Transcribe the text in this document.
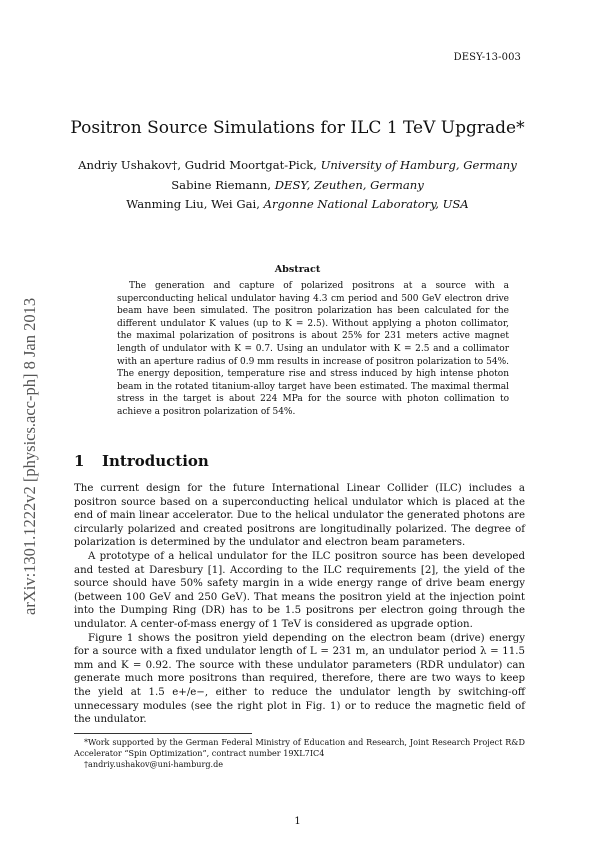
DESY-13-003
arXiv:1301.1222v2 [physics.acc-ph] 8 Jan 2013
Positron Source Simulations for ILC 1 TeV Upgrade*
Andriy Ushakov†, Gudrid Moortgat-Pick, University of Hamburg, Germany
Sabine Riemann, DESY, Zeuthen, Germany
Wanming Liu, Wei Gai, Argonne National Laboratory, USA
Abstract

The generation and capture of polarized positrons at a source with a superconducting helical undulator having 4.3 cm period and 500 GeV electron drive beam have been simulated. The positron polarization has been calculated for the different undulator K values (up to K = 2.5). Without applying a photon collimator, the maximal polarization of positrons is about 25% for 231 meters active magnet length of undulator with K = 0.7. Using an undulator with K = 2.5 and a collimator with an aperture radius of 0.9 mm results in increase of positron polarization to 54%. The energy deposition, temperature rise and stress induced by high intense photon beam in the rotated titanium-alloy target have been estimated. The maximal thermal stress in the target is about 224 MPa for the source with photon collimation to achieve a positron polarization of 54%.

1 Introduction

The current design for the future International Linear Collider (ILC) includes a positron source based on a superconducting helical undulator which is placed at the end of main linear accelerator. Due to the helical undulator the generated photons are circularly polarized and created positrons are longitudinally polarized. The degree of polarization is determined by the undulator and electron beam parameters.

A prototype of a helical undulator for the ILC positron source has been developed and tested at Daresbury [1]. According to the ILC requirements [2], the yield of the source should have 50% safety margin in a wide energy range of drive beam energy (between 100 GeV and 250 GeV). That means the positron yield at the injection point into the Dumping Ring (DR) has to be 1.5 positrons per electron going through the undulator. A center-of-mass energy of 1 TeV is considered as upgrade option.

Figure 1 shows the positron yield depending on the electron beam (drive) energy for a source with a fixed undulator length of L = 231 m, an undulator period λ = 11.5 mm and K = 0.92. The source with these undulator parameters (RDR undulator) can generate much more positrons than required, therefore, there are two ways to keep the yield at 1.5 e+/e−, either to reduce the undulator length by switching-off unnecessary modules (see the right plot in Fig. 1) or to reduce the magnetic field of the undulator.

*Work supported by the German Federal Ministry of Education and Research, Joint Research Project R&D Accelerator “Spin Optimization”, contract number 19XL7IC4

†andriy.ushakov@uni-hamburg.de

1
